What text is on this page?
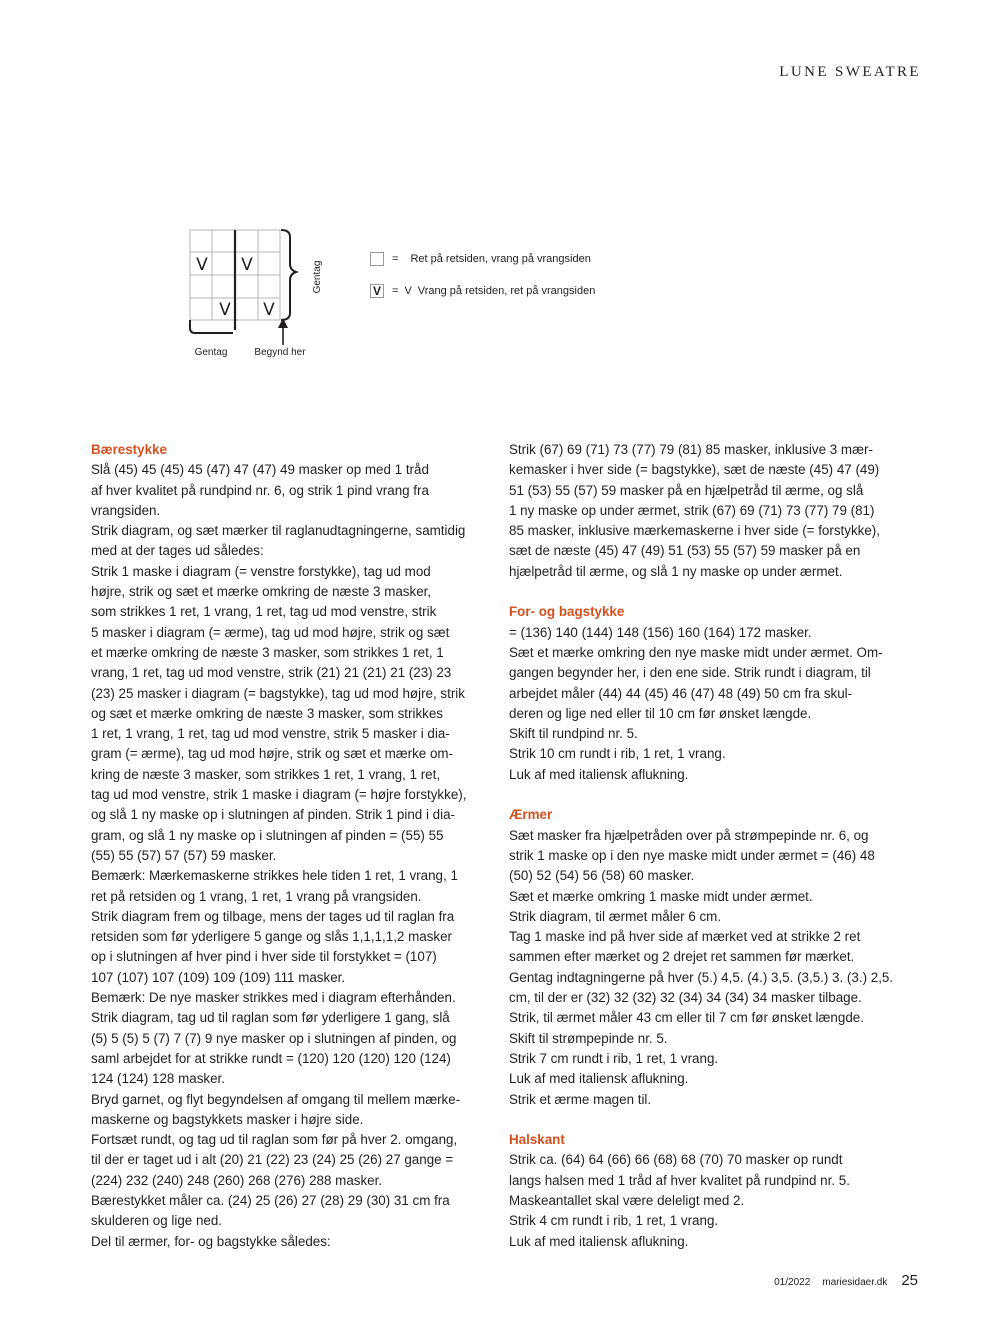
LUNE SWEATRE
V V
V V
Gentag
Gentag	Begynd her
= Ret på retsiden, vrang på vrangsiden
V = V Vrang på retsiden, ret på vrangsiden
Bærestykke
Slå (45) 45 (45) 45 (47) 47 (47) 49 masker op med 1 tråd
af hver kvalitet på rundpind nr. 6, og strik 1 pind vrang fra
vrangsiden.
Strik diagram, og sæt mærker til raglanudtagningerne, samtidig
med at der tages ud således:
Strik 1 maske i diagram (= venstre forstykke), tag ud mod
højre, strik og sæt et mærke omkring de næste 3 masker,
som strikkes 1 ret, 1 vrang, 1 ret, tag ud mod venstre, strik
5 masker i diagram (= ærme), tag ud mod højre, strik og sæt
et mærke omkring de næste 3 masker, som strikkes 1 ret, 1
vrang, 1 ret, tag ud mod venstre, strik (21) 21 (21) 21 (23) 23
(23) 25 masker i diagram (= bagstykke), tag ud mod højre, strik
og sæt et mærke omkring de næste 3 masker, som strikkes
1 ret, 1 vrang, 1 ret, tag ud mod venstre, strik 5 masker i dia-
gram (= ærme), tag ud mod højre, strik og sæt et mærke om-
kring de næste 3 masker, som strikkes 1 ret, 1 vrang, 1 ret,
tag ud mod venstre, strik 1 maske i diagram (= højre forstykke),
og slå 1 ny maske op i slutningen af pinden. Strik 1 pind i dia-
gram, og slå 1 ny maske op i slutningen af pinden = (55) 55
(55) 55 (57) 57 (57) 59 masker.
Bemærk: Mærkemaskerne strikkes hele tiden 1 ret, 1 vrang, 1
ret på retsiden og 1 vrang, 1 ret, 1 vrang på vrangsiden.
Strik diagram frem og tilbage, mens der tages ud til raglan fra
retsiden som før yderligere 5 gange og slås 1,1,1,1,2 masker
op i slutningen af hver pind i hver side til forstykket = (107)
107 (107) 107 (109) 109 (109) 111 masker.
Bemærk: De nye masker strikkes med i diagram efterhånden.
Strik diagram, tag ud til raglan som før yderligere 1 gang, slå
(5) 5 (5) 5 (7) 7 (7) 9 nye masker op i slutningen af pinden, og
saml arbejdet for at strikke rundt = (120) 120 (120) 120 (124)
124 (124) 128 masker.
Bryd garnet, og flyt begyndelsen af omgang til mellem mærke-
maskerne og bagstykkets masker i højre side.
Fortsæt rundt, og tag ud til raglan som før på hver 2. omgang,
til der er taget ud i alt (20) 21 (22) 23 (24) 25 (26) 27 gange =
(224) 232 (240) 248 (260) 268 (276) 288 masker.
Bærestykket måler ca. (24) 25 (26) 27 (28) 29 (30) 31 cm fra
skulderen og lige ned.
Del til ærmer, for- og bagstykke således:
Strik (67) 69 (71) 73 (77) 79 (81) 85 masker, inklusive 3 mær-
kemasker i hver side (= bagstykke), sæt de næste (45) 47 (49)
51 (53) 55 (57) 59 masker på en hjælpetråd til ærme, og slå
1 ny maske op under ærmet, strik (67) 69 (71) 73 (77) 79 (81)
85 masker, inklusive mærkemaskerne i hver side (= forstykke),
sæt de næste (45) 47 (49) 51 (53) 55 (57) 59 masker på en
hjælpetråd til ærme, og slå 1 ny maske op under ærmet.
For- og bagstykke
= (136) 140 (144) 148 (156) 160 (164) 172 masker.
Sæt et mærke omkring den nye maske midt under ærmet. Om-
gangen begynder her, i den ene side. Strik rundt i diagram, til
arbejdet måler (44) 44 (45) 46 (47) 48 (49) 50 cm fra skul-
deren og lige ned eller til 10 cm før ønsket længde.
Skift til rundpind nr. 5.
Strik 10 cm rundt i rib, 1 ret, 1 vrang.
Luk af med italiensk aflukning.
Ærmer
Sæt masker fra hjælpetråden over på strømpepinde nr. 6, og
strik 1 maske op i den nye maske midt under ærmet = (46) 48
(50) 52 (54) 56 (58) 60 masker.
Sæt et mærke omkring 1 maske midt under ærmet.
Strik diagram, til ærmet måler 6 cm.
Tag 1 maske ind på hver side af mærket ved at strikke 2 ret
sammen efter mærket og 2 drejet ret sammen før mærket.
Gentag indtagningerne på hver (5.) 4,5. (4.) 3,5. (3,5.) 3. (3.) 2,5.
cm, til der er (32) 32 (32) 32 (34) 34 (34) 34 masker tilbage.
Strik, til ærmet måler 43 cm eller til 7 cm før ønsket længde.
Skift til strømpepinde nr. 5.
Strik 7 cm rundt i rib, 1 ret, 1 vrang.
Luk af med italiensk aflukning.
Strik et ærme magen til.
Halskant
Strik ca. (64) 64 (66) 66 (68) 68 (70) 70 masker op rundt
langs halsen med 1 tråd af hver kvalitet på rundpind nr. 5.
Maskeantallet skal være deleligt med 2.
Strik 4 cm rundt i rib, 1 ret, 1 vrang.
Luk af med italiensk aflukning.
01/2022 mariesidaer.dk 25
